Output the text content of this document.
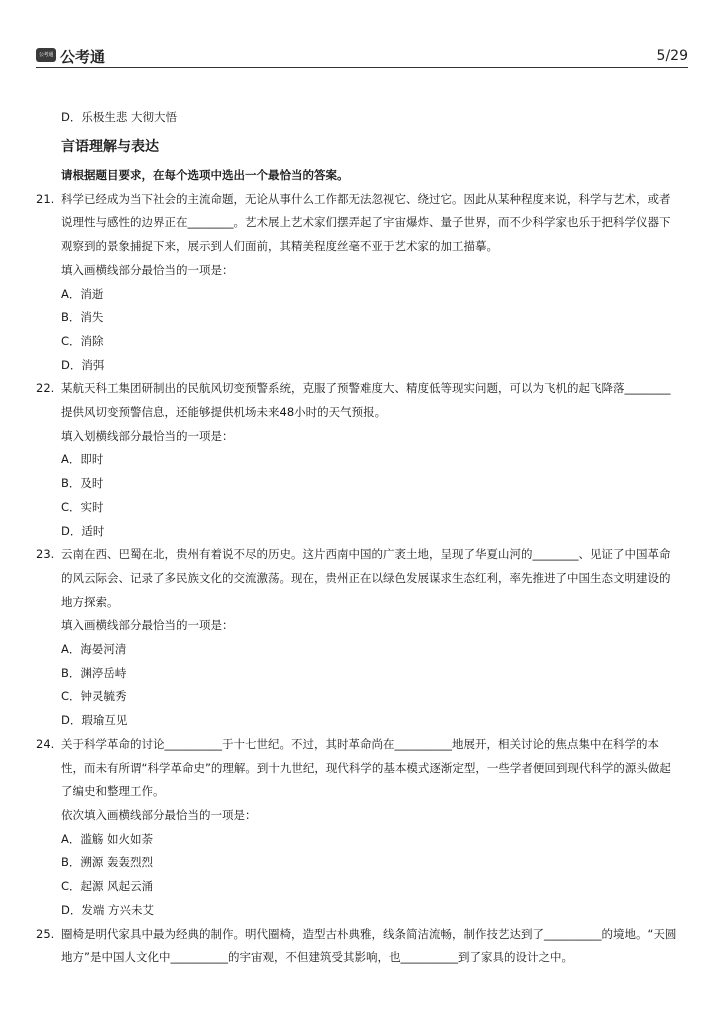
公考通 公考通	5/29
D．乐极生悲 大彻大悟
言语理解与表达
请根据题目要求，在每个选项中选出一个最恰当的答案。
21. 科学已经成为当下社会的主流命题，无论从事什么工作都无法忽视它、绕过它。因此从某种程度来说，科学与艺术，或者
说理性与感性的边界正在________。艺术展上艺术家们摆弄起了宇宙爆炸、量子世界，而不少科学家也乐于把科学仪器下
观察到的景象捕捉下来，展示到人们面前，其精美程度丝毫不亚于艺术家的加工描摹。
填入画横线部分最恰当的一项是：
A．消逝
B．消失
C．消除
D．消弭
22. 某航天科工集团研制出的民航风切变预警系统，克服了预警难度大、精度低等现实问题，可以为飞机的起飞降落________
提供风切变预警信息，还能够提供机场未来48小时的天气预报。
填入划横线部分最恰当的一项是：
A．即时
B．及时
C．实时
D．适时
23. 云南在西、巴蜀在北，贵州有着说不尽的历史。这片西南中国的广袤土地，呈现了华夏山河的________、见证了中国革命
的风云际会、记录了多民族文化的交流激荡。现在，贵州正在以绿色发展谋求生态红利，率先推进了中国生态文明建设的
地方探索。
填入画横线部分最恰当的一项是：
A．海晏河清
B．渊渟岳峙
C．钟灵毓秀
D．瑕瑜互见
24. 关于科学革命的讨论__________于十七世纪。不过，其时革命尚在__________地展开，相关讨论的焦点集中在科学的本
性，而未有所谓“科学革命史”的理解。到十九世纪，现代科学的基本模式逐渐定型，一些学者便回到现代科学的源头做起
了编史和整理工作。
依次填入画横线部分最恰当的一项是：
A．滥觞 如火如荼
B．溯源 轰轰烈烈
C．起源 风起云涌
D．发端 方兴未艾
25. 圈椅是明代家具中最为经典的制作。明代圈椅，造型古朴典雅，线条简洁流畅，制作技艺达到了__________的境地。“天圆
地方”是中国人文化中__________的宇宙观，不但建筑受其影响，也__________到了家具的设计之中。
